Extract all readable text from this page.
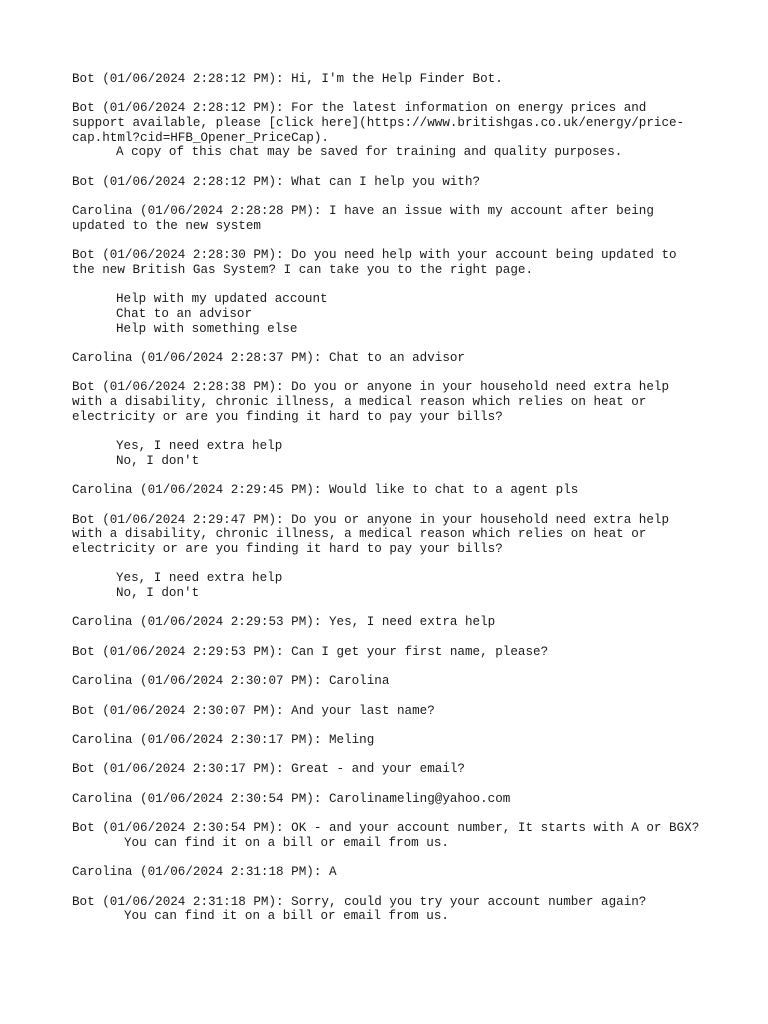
Bot (01/06/2024 2:28:12 PM): Hi, I'm the Help Finder Bot.
Bot (01/06/2024 2:28:12 PM): For the latest information on energy prices and
support available, please [click here](https://www.britishgas.co.uk/energy/price-
cap.html?cid=HFB_Opener_PriceCap).
A copy of this chat may be saved for training and quality purposes.
Bot (01/06/2024 2:28:12 PM): What can I help you with?
Carolina (01/06/2024 2:28:28 PM): I have an issue with my account after being
updated to the new system
Bot (01/06/2024 2:28:30 PM): Do you need help with your account being updated to
the new British Gas System? I can take you to the right page.
Help with my updated account
Chat to an advisor
Help with something else
Carolina (01/06/2024 2:28:37 PM): Chat to an advisor
Bot (01/06/2024 2:28:38 PM): Do you or anyone in your household need extra help
with a disability, chronic illness, a medical reason which relies on heat or
electricity or are you finding it hard to pay your bills?
Yes, I need extra help
No, I don't
Carolina (01/06/2024 2:29:45 PM): Would like to chat to a agent pls
Bot (01/06/2024 2:29:47 PM): Do you or anyone in your household need extra help
with a disability, chronic illness, a medical reason which relies on heat or
electricity or are you finding it hard to pay your bills?
Yes, I need extra help
No, I don't
Carolina (01/06/2024 2:29:53 PM): Yes, I need extra help
Bot (01/06/2024 2:29:53 PM): Can I get your first name, please?
Carolina (01/06/2024 2:30:07 PM): Carolina
Bot (01/06/2024 2:30:07 PM): And your last name?
Carolina (01/06/2024 2:30:17 PM): Meling
Bot (01/06/2024 2:30:17 PM): Great - and your email?
Carolina (01/06/2024 2:30:54 PM): Carolinameling@yahoo.com
Bot (01/06/2024 2:30:54 PM): OK - and your account number, It starts with A or BGX?
You can find it on a bill or email from us.
Carolina (01/06/2024 2:31:18 PM): A
Bot (01/06/2024 2:31:18 PM): Sorry, could you try your account number again?
You can find it on a bill or email from us.
